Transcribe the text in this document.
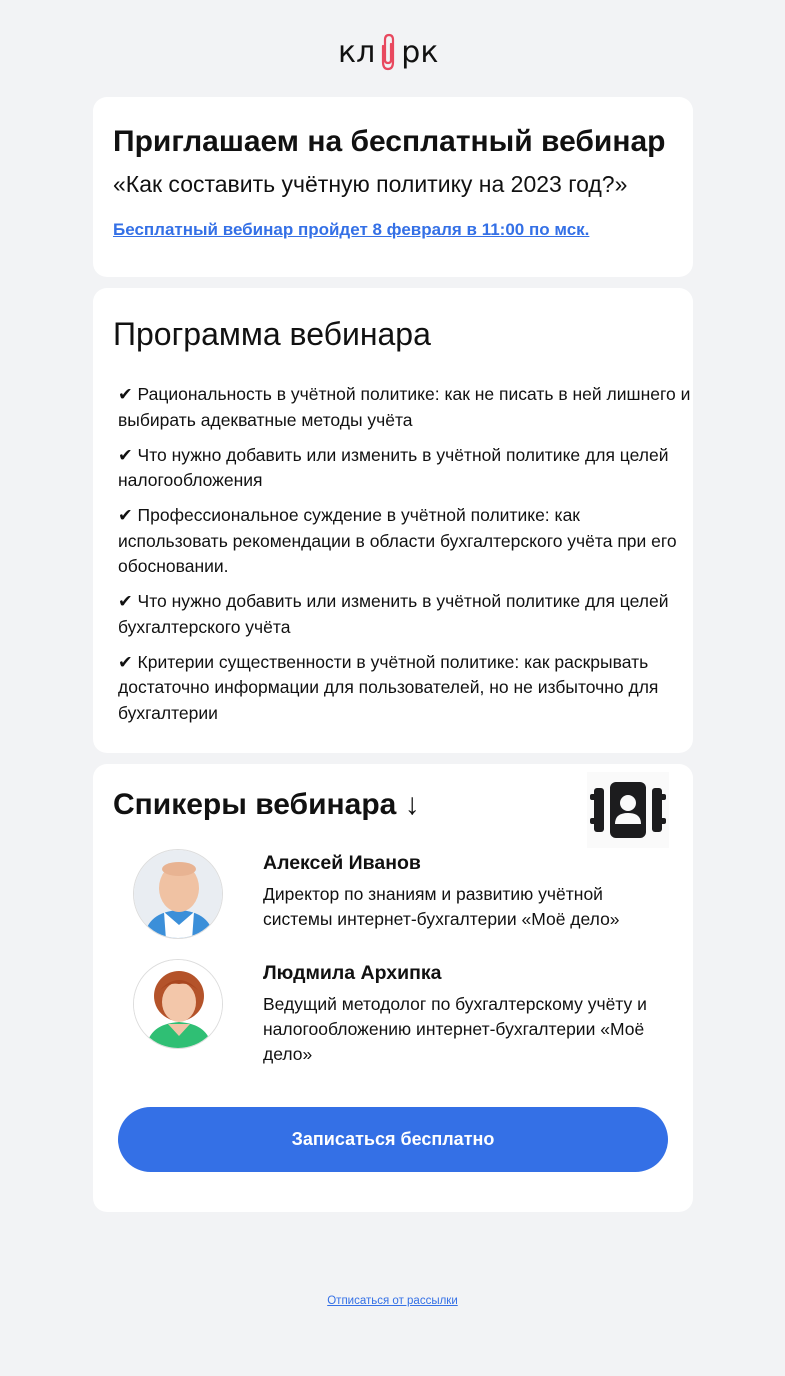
кл рк
Приглашаем на бесплатный вебинар

«Как составить учётную политику на 2023 год?»

Бесплатный вебинар пройдет 8 февраля в 11:00 по мск.
Программа вебинара
✔ Рациональность в учётной политике: как не писать в ней лишнего и выбирать адекватные методы учёта
✔ Что нужно добавить или изменить в учётной политике для целей налогообложения
✔ Профессиональное суждение в учётной политике: как использовать рекомендации в области бухгалтерского учёта при его обосновании.
✔ Что нужно добавить или изменить в учётной политике для целей бухгалтерского учёта
✔ Критерии существенности в учётной политике: как раскрывать достаточно информации для пользователей, но не избыточно для бухгалтерии
Спикеры вебинара ↓
Алексей Иванов
Директор по знаниям и развитию учётной системы интернет-бухгалтерии «Моё дело»
Людмила Архипка
Ведущий методолог по бухгалтерскому учёту и налогообложению интернет-бухгалтерии «Моё дело»
Записаться бесплатно
Отписаться от рассылки
